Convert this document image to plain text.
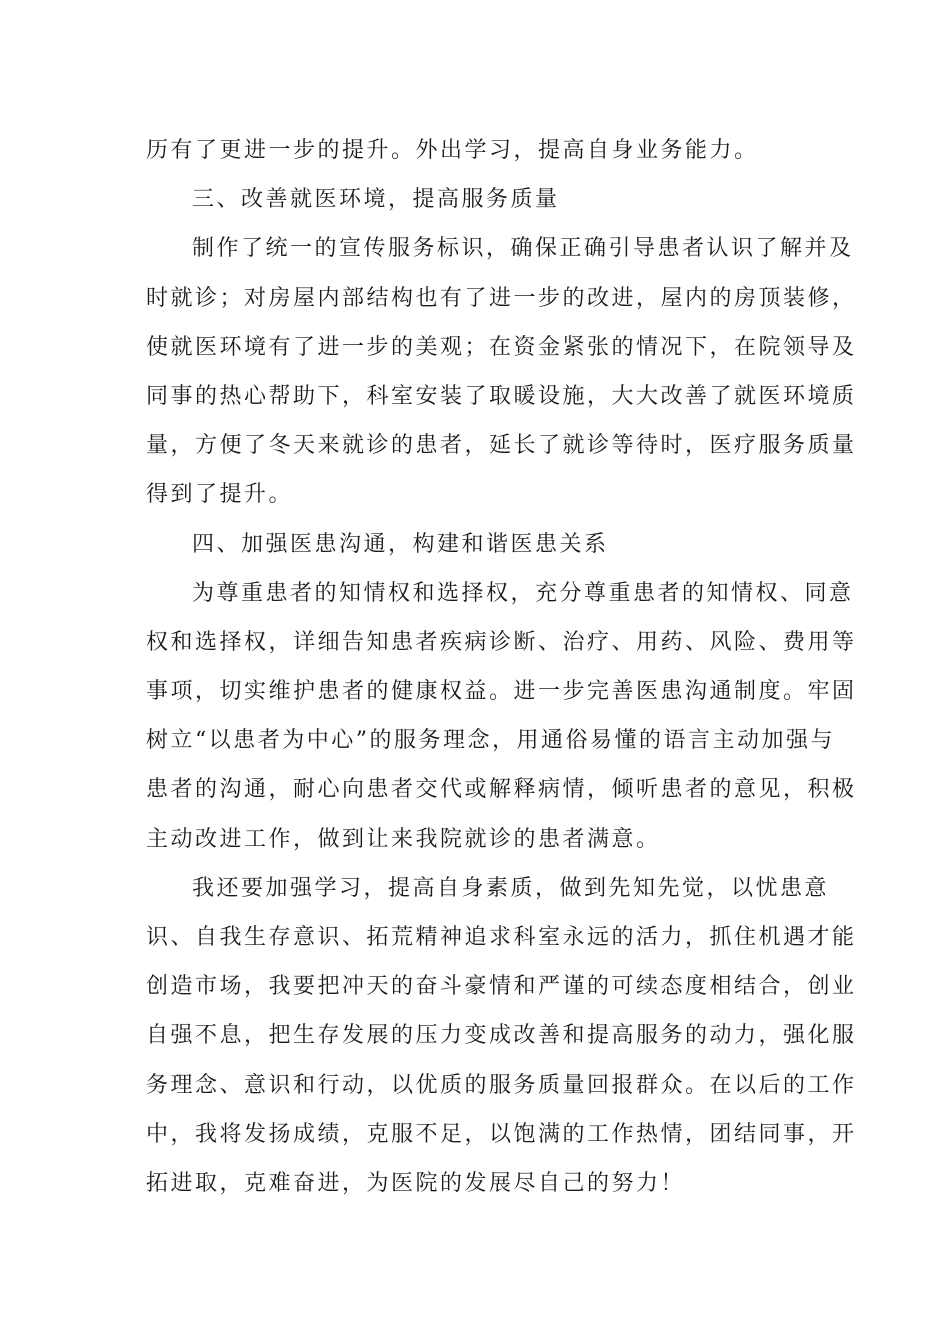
历有了更进一步的提升。外出学习，提高自身业务能力。
三、改善就医环境，提高服务质量
制作了统一的宣传服务标识，确保正确引导患者认识了解并及
时就诊；对房屋内部结构也有了进一步的改进，屋内的房顶装修，
使就医环境有了进一步的美观；在资金紧张的情况下，在院领导及
同事的热心帮助下，科室安装了取暖设施，大大改善了就医环境质
量，方便了冬天来就诊的患者，延长了就诊等待时，医疗服务质量
得到了提升。
四、加强医患沟通，构建和谐医患关系
为尊重患者的知情权和选择权，充分尊重患者的知情权、同意
权和选择权，详细告知患者疾病诊断、治疗、用药、风险、费用等
事项，切实维护患者的健康权益。进一步完善医患沟通制度。牢固
树立“以患者为中心”的服务理念，用通俗易懂的语言主动加强与
患者的沟通，耐心向患者交代或解释病情，倾听患者的意见，积极
主动改进工作，做到让来我院就诊的患者满意。
我还要加强学习，提高自身素质，做到先知先觉，以忧患意
识、自我生存意识、拓荒精神追求科室永远的活力，抓住机遇才能
创造市场，我要把冲天的奋斗豪情和严谨的可续态度相结合，创业
自强不息，把生存发展的压力变成改善和提高服务的动力，强化服
务理念、意识和行动，以优质的服务质量回报群众。在以后的工作
中，我将发扬成绩，克服不足，以饱满的工作热情，团结同事，开
拓进取，克难奋进，为医院的发展尽自己的努力！
